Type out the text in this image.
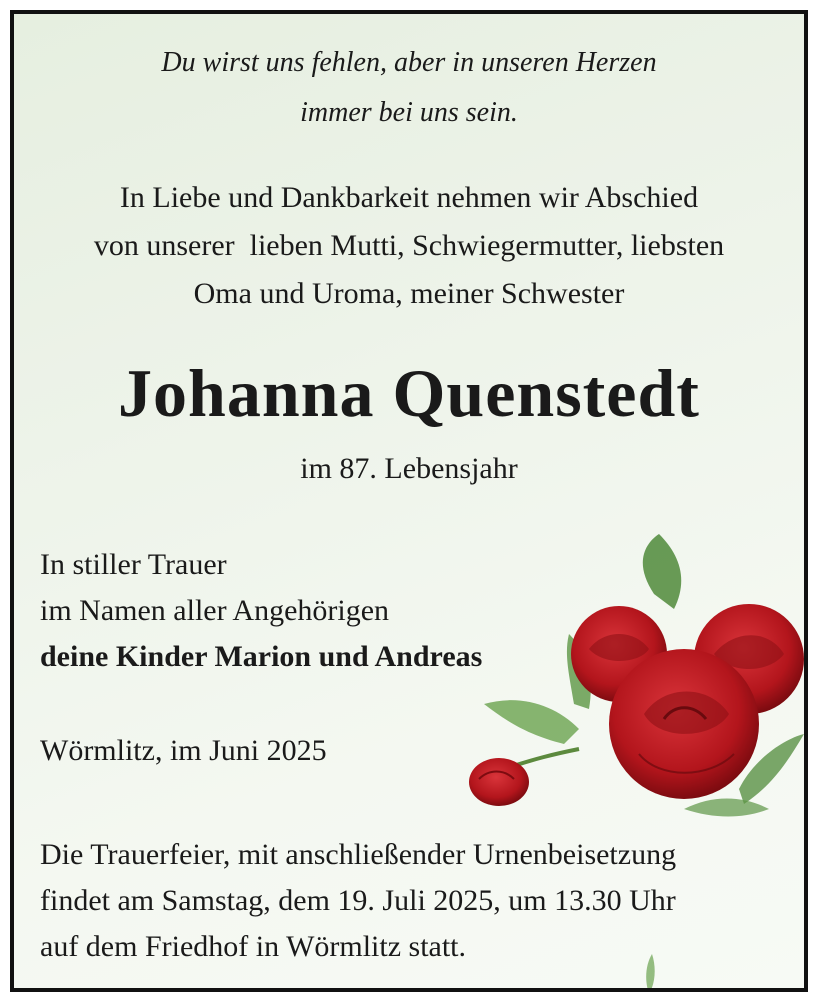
Du wirst uns fehlen, aber in unseren Herzen
immer bei uns sein.
In Liebe und Dankbarkeit nehmen wir Abschied
von unserer  lieben Mutti, Schwiegermutter, liebsten
Oma und Uroma, meiner Schwester
Johanna Quenstedt
im 87. Lebensjahr
In stiller Trauer
im Namen aller Angehörigen
deine Kinder Marion und Andreas
Wörmlitz, im Juni 2025
Die Trauerfeier, mit anschließender Urnenbeisetzung
findet am Samstag, dem 19. Juli 2025, um 13.30 Uhr
auf dem Friedhof in Wörmlitz statt.
